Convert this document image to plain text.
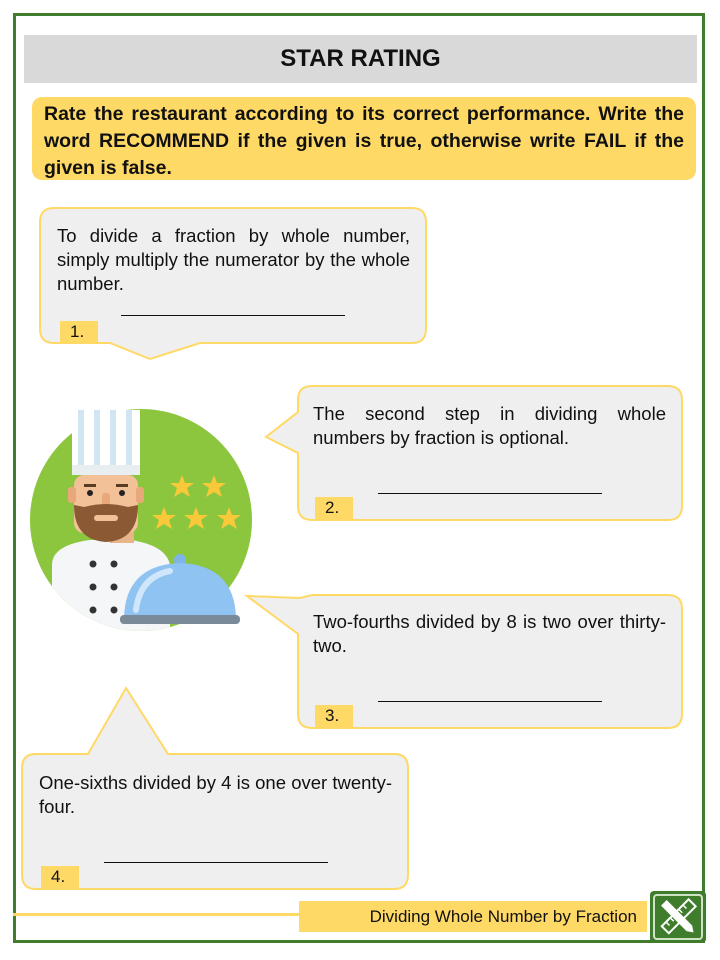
STAR RATING
Rate the restaurant according to its correct performance. Write the word RECOMMEND if the given is true, otherwise write FAIL if the given is false.
To divide a fraction by whole number, simply multiply the numerator by the whole number.
1.
The second step in dividing whole numbers by fraction is optional.
2.
Two-fourths divided by 8 is two over thirty-two.
3.
One-sixths divided by 4 is one over twenty-four.
4.
Dividing Whole Number by Fraction
